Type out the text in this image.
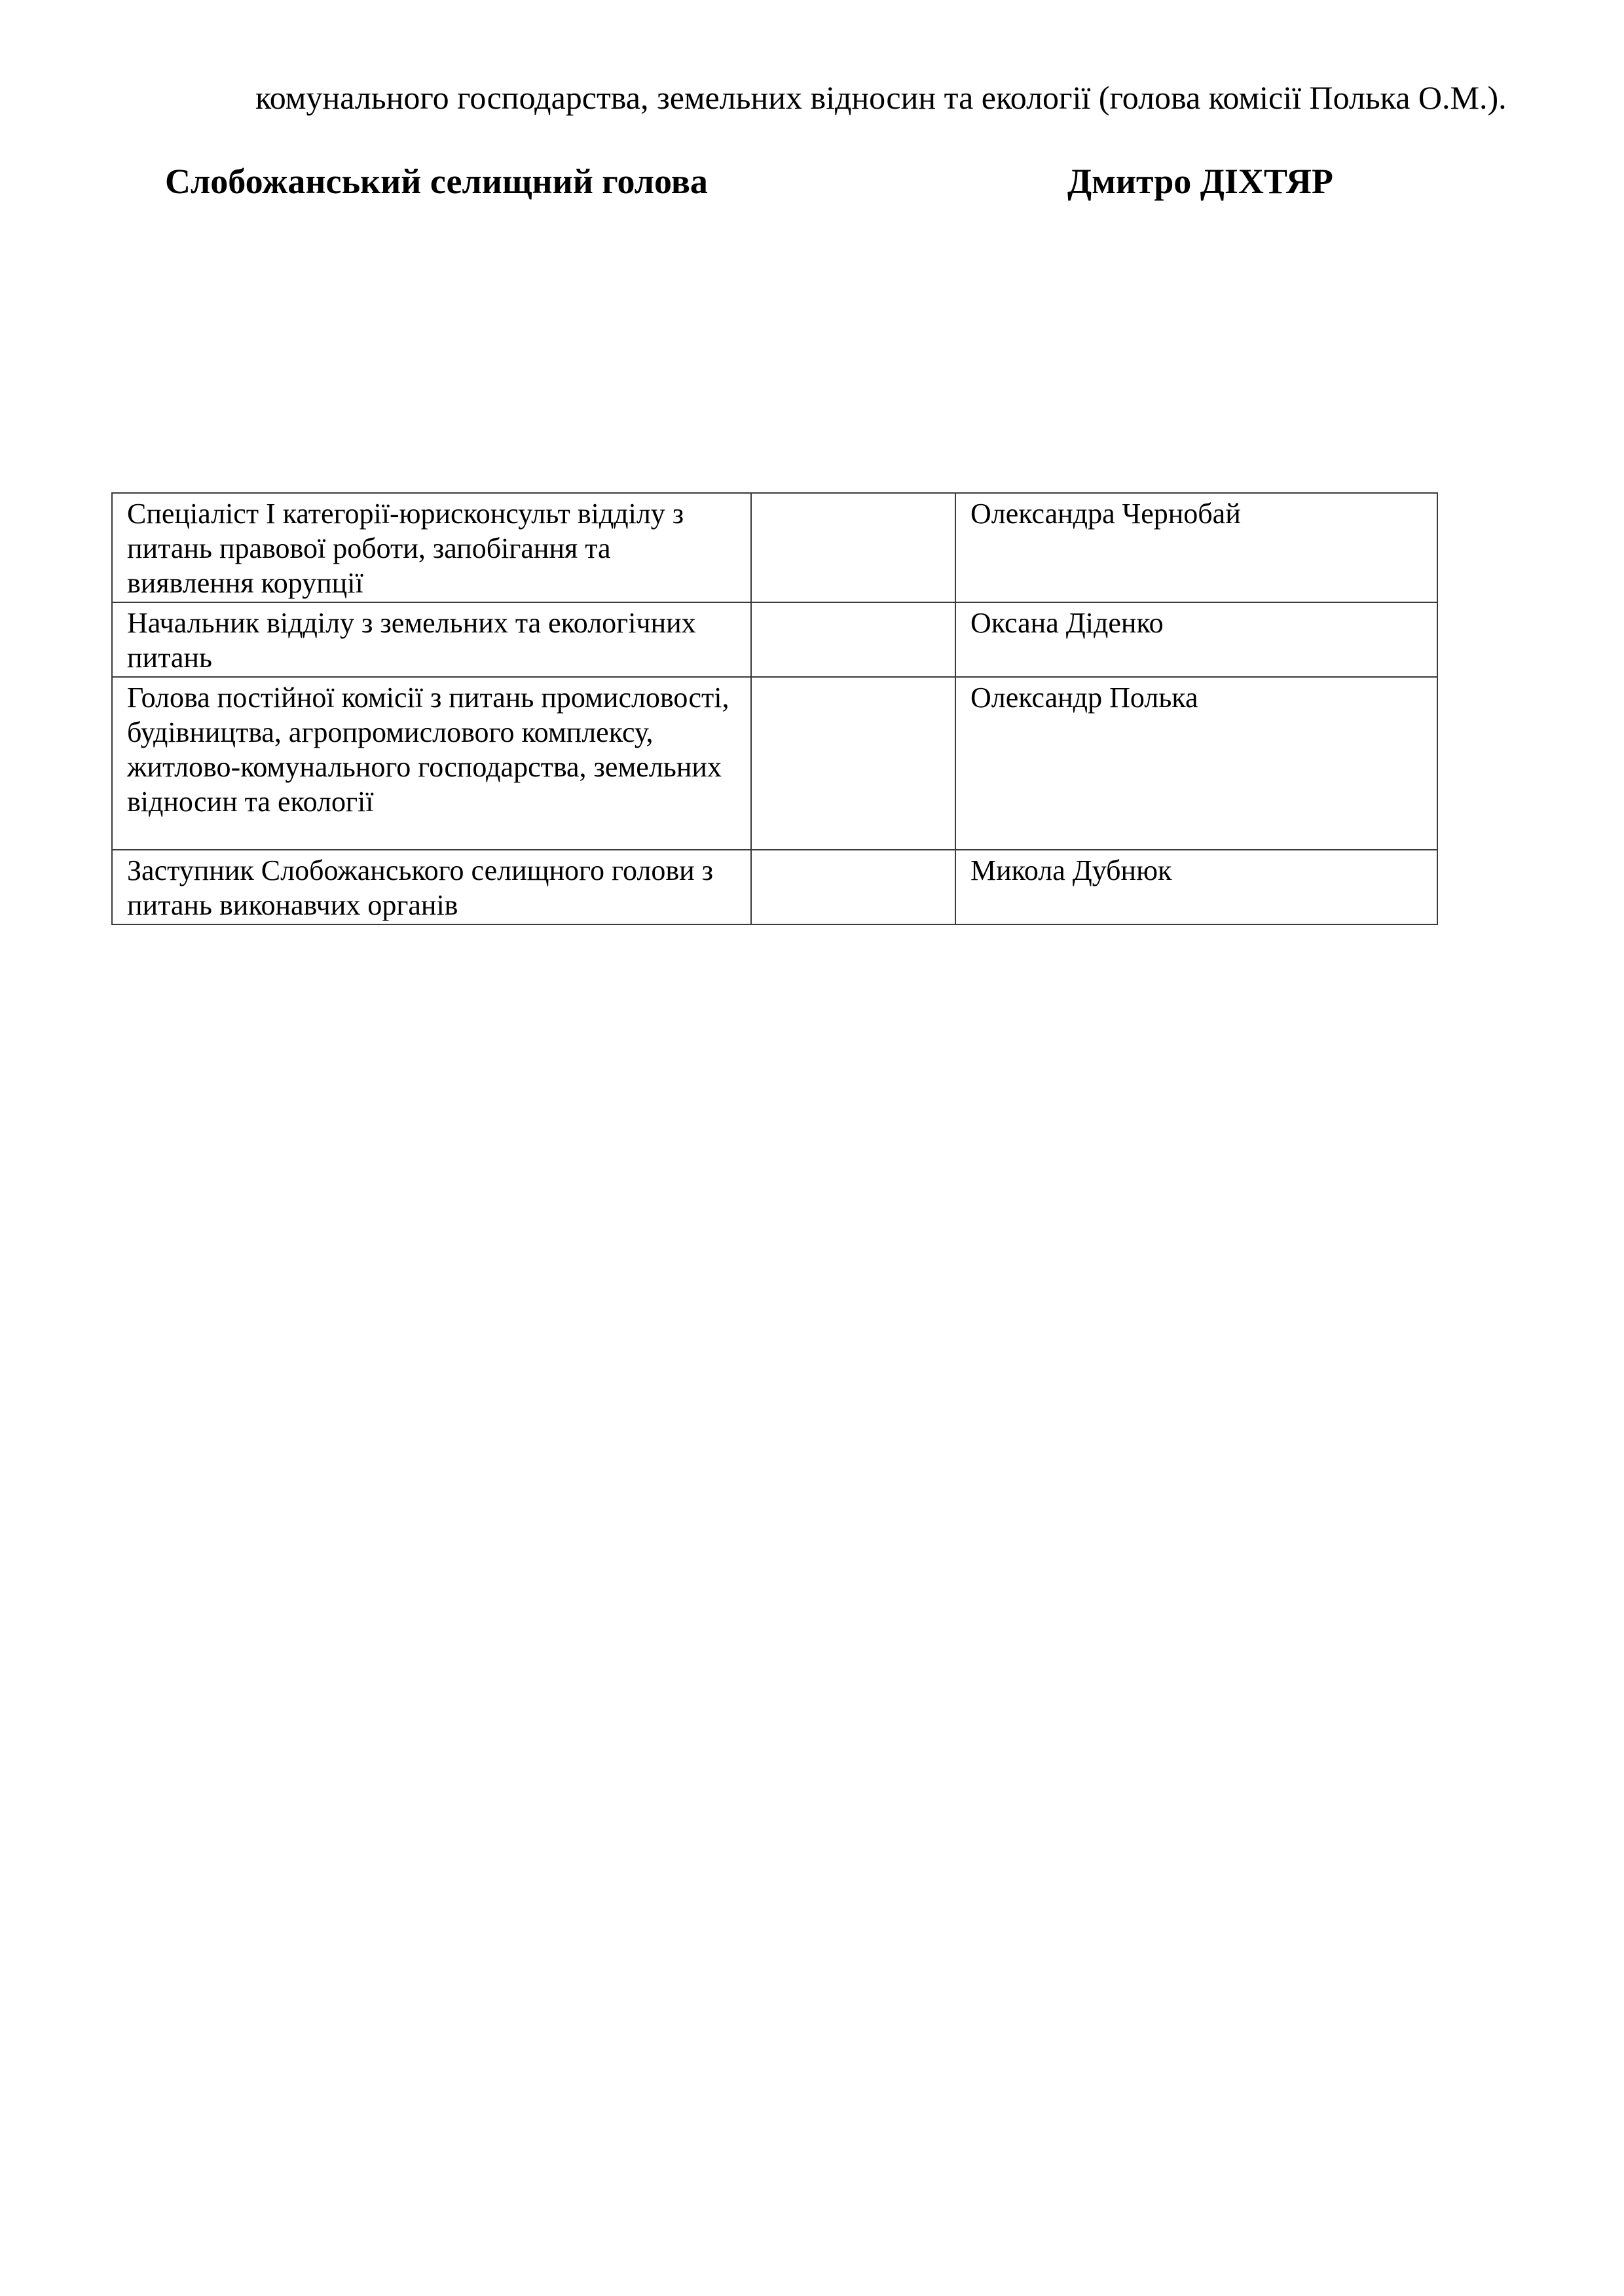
комунального господарства, земельних відносин та екології (голова комісії Полька О.М.).
Слобожанський селищний голова	Дмитро ДІХТЯР
Спеціаліст І категорії-юрисконсульт відділу з питань правової роботи, запобігання та виявлення корупції		Олександра Чернобай
Начальник відділу з земельних та екологічних питань		Оксана Діденко
Голова постійної комісії з питань промисловості, будівництва, агропромислового комплексу, житлово-комунального господарства, земельних відносин та екології		Олександр Полька
Заступник Слобожанського селищного голови з питань виконавчих органів		Микола Дубнюк
